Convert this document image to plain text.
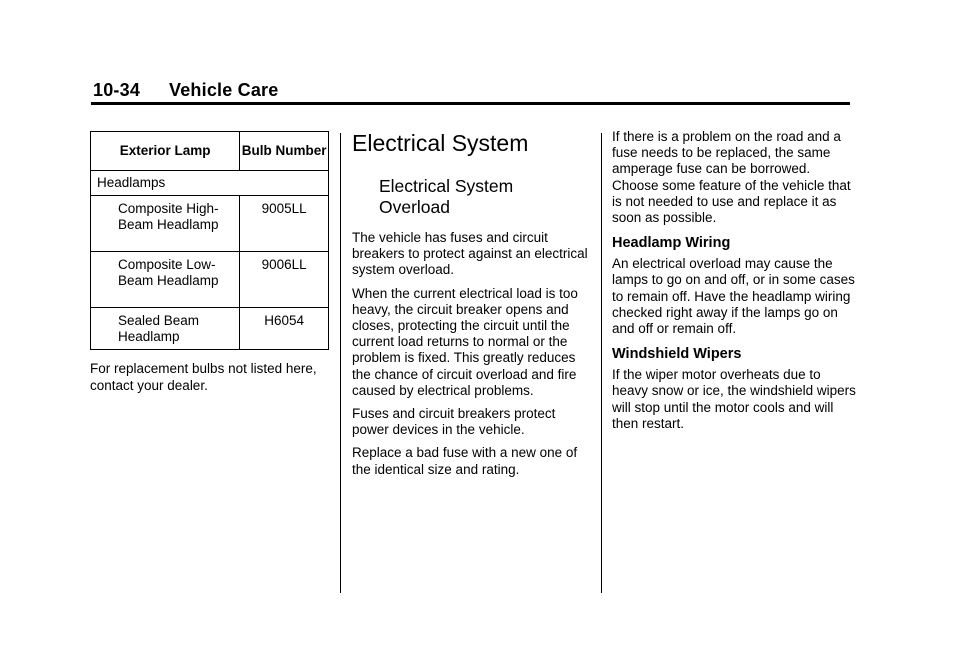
10-34 Vehicle Care
Exterior Lamp	Bulb Number
Headlamps	
Composite High-Beam Headlamp	9005LL
Composite Low-Beam Headlamp	9006LL
Sealed Beam Headlamp	H6054
For replacement bulbs not listed here, contact your dealer.
Electrical System
Electrical System Overload

The vehicle has fuses and circuit breakers to protect against an electrical system overload.

When the current electrical load is too heavy, the circuit breaker opens and closes, protecting the circuit until the current load returns to normal or the problem is fixed. This greatly reduces the chance of circuit overload and fire caused by electrical problems.

Fuses and circuit breakers protect power devices in the vehicle.

Replace a bad fuse with a new one of the identical size and rating.

If there is a problem on the road and a fuse needs to be replaced, the same amperage fuse can be borrowed. Choose some feature of the vehicle that is not needed to use and replace it as soon as possible.

Headlamp Wiring

An electrical overload may cause the lamps to go on and off, or in some cases to remain off. Have the headlamp wiring checked right away if the lamps go on and off or remain off.

Windshield Wipers

If the wiper motor overheats due to heavy snow or ice, the windshield wipers will stop until the motor cools and will then restart.
